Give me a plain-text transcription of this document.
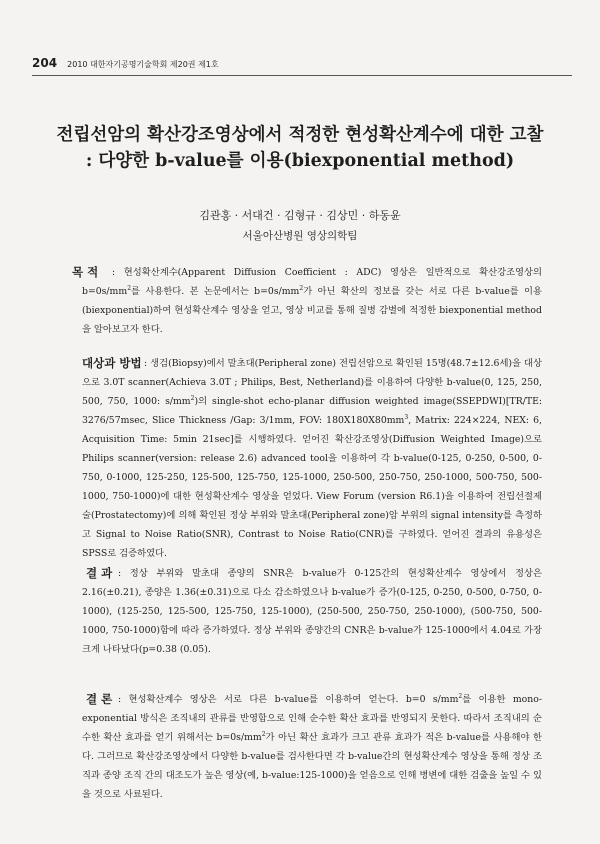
204 2010 대한자기공명기술학회 제20권 제1호
전립선암의 확산강조영상에서 적정한 현성확산계수에 대한 고찰
: 다양한 b-value를 이용(biexponential method)
김관홍 · 서대건 · 김형규 · 김상민 · 하동윤
서울아산병원 영상의학팀
목 적	: 현성확산계수(Apparent Diffusion Coefficient : ADC) 영상은 일반적으로 확산강조영상의 $b=0s/mm^2$를 사용한다. 본 논문에서는 $b=0s/mm^2$가 아닌 확산의 정보를 갖는 서로 다른 b-value를 이용(biexponential)하여 현성확산계수 영상을 얻고, 영상 비교를 통해 질병 감별에 적정한 biexponential method을 알아보고자 한다.
대상과 방법 : 생검(Biopsy)에서 말초대(Peripheral zone) 전립선암으로 확인된 15명(48.7±12.6세)을 대상으로 3.0T scanner(Achieva 3.0T ; Philips, Best, Netherland)를 이용하여 다양한 b-value(0, 125, 250, 500, 750, 1000: $s/mm^2$)의 single-shot echo-planar diffusion weighted image(SSEPDWI)[TR/TE: 3276/57msec, Slice Thickness /Gap: 3/1mm, FOV: $180X180X80mm^3$, Matrix: 224×224, NEX: 6, Acquisition Time: 5min 21sec]를 시행하였다. 얻어진 확산강조영상(Diffusion Weighted Image)으로 Philips scanner(version: release 2.6) advanced tool을 이용하여 각 b-value(0-125, 0-250, 0-500, 0-750, 0-1000, 125-250, 125-500, 125-750, 125-1000, 250-500, 250-750, 250-1000, 500-750, 500-1000, 750-1000)에 대한 현성확산계수 영상을 얻었다. View Forum (version R6.1)을 이용하여 전립선절제술(Prostatectomy)에 의해 확인된 정상 부위와 말초대(Peripheral zone)암 부위의 signal intensity를 측정하고 Signal to Noise Ratio(SNR), Contrast to Noise Ratio(CNR)를 구하였다. 얻어진 결과의 유용성은 SPSS로 검증하였다.
결 과 : 정상 부위와 말초대 종양의 SNR은 b-value가 0-125간의 현성확산계수 영상에서 정상은 2.16(±0.21), 종양은 1.36(±0.31)으로 다소 감소하였으나 b-value가 증가(0-125, 0-250, 0-500, 0-750, 0-1000), (125-250, 125-500, 125-750, 125-1000), (250-500, 250-750, 250-1000), (500-750, 500-1000, 750-1000)함에 따라 증가하였다. 정상 부위와 종양간의 CNR은 b-value가 125-1000에서 4.04로 가장 크게 나타났다(p=0.38 (0.05).
결 론 : 현성확산계수 영상은 서로 다른 b-value를 이용하여 얻는다. b=0 $s/mm^2$를 이용한 mono-exponential 방식은 조직내의 관류를 반영함으로 인해 순수한 확산 효과를 반영되지 못한다. 따라서 조직내의 순수한 확산 효과를 얻기 위해서는 $b=0s/mm^2$가 아닌 확산 효과가 크고 관류 효과가 적은 b-value를 사용해야 한다. 그러므로 확산강조영상에서 다양한 b-value를 검사한다면 각 b-value간의 현성확산계수 영상을 통해 정상 조직과 종양 조직 간의 대조도가 높은 영상(예, b-value:125-1000)을 얻음으로 인해 병변에 대한 검출을 높일 수 있을 것으로 사료된다.
